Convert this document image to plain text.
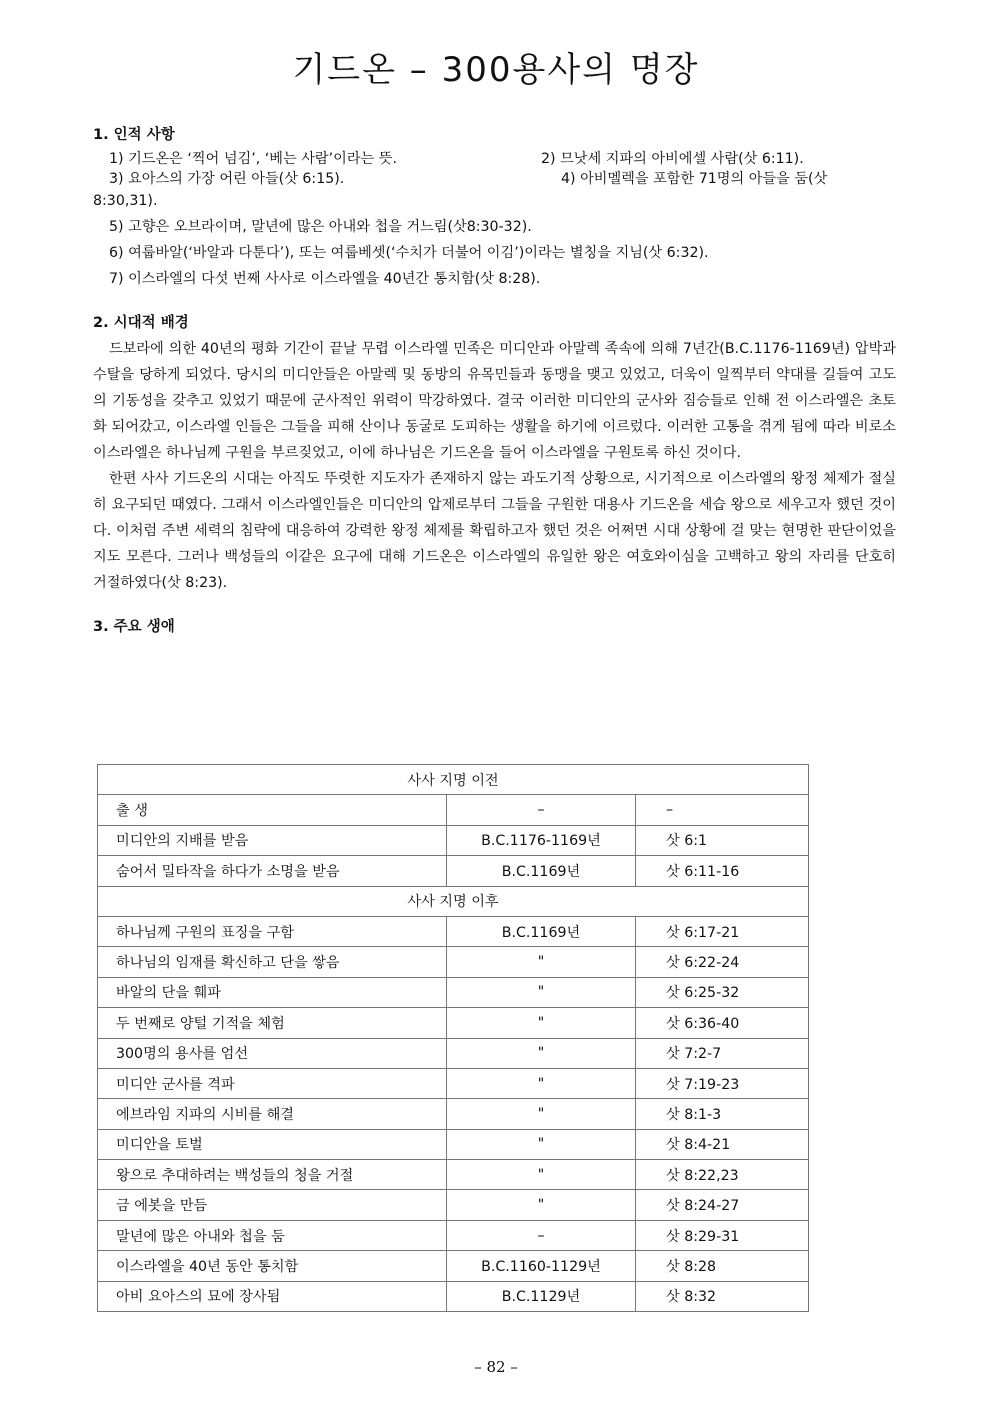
기드온 – 300용사의 명장

1. 인적 사항

1) 기드온은 ‘찍어 넘김’, ‘베는 사람’이라는 뜻.	2) 므낫세 지파의 아비에셀 사람(삿 6:11).
3) 요아스의 가장 어린 아들(삿 6:15).	4) 아비멜렉을 포함한 71명의 아들을 둠(삿

8:30,31).

5) 고향은 오브라이며, 말년에 많은 아내와 첩을 거느림(삿8:30-32).

6) 여룹바알(‘바알과 다툰다’), 또는 여룹베셋(‘수치가 더불어 이김’)이라는 별칭을 지님(삿 6:32).

7) 이스라엘의 다섯 번째 사사로 이스라엘을 40년간 통치함(삿 8:28).

2. 시대적 배경

드보라에 의한 40년의 평화 기간이 끝날 무렵 이스라엘 민족은 미디안과 아말렉 족속에 의해 7년간(B.C.1176-1169년) 압박과 수탈을 당하게 되었다. 당시의 미디안들은 아말렉 및 동방의 유목민들과 동맹을 맺고 있었고, 더욱이 일찍부터 약대를 길들여 고도의 기동성을 갖추고 있었기 때문에 군사적인 위력이 막강하였다. 결국 이러한 미디안의 군사와 짐승들로 인해 전 이스라엘은 초토화 되어갔고, 이스라엘 인들은 그들을 피해 산이나 동굴로 도피하는 생활을 하기에 이르렀다. 이러한 고통을 겪게 됨에 따라 비로소 이스라엘은 하나님께 구원을 부르짖었고, 이에 하나님은 기드온을 들어 이스라엘을 구원토록 하신 것이다.

한편 사사 기드온의 시대는 아직도 뚜렷한 지도자가 존재하지 않는 과도기적 상황으로, 시기적으로 이스라엘의 왕정 체제가 절실히 요구되던 때였다. 그래서 이스라엘인들은 미디안의 압제로부터 그들을 구원한 대용사 기드온을 세습 왕으로 세우고자 했던 것이다. 이처럼 주변 세력의 침략에 대응하여 강력한 왕정 체제를 확립하고자 했던 것은 어쩌면 시대 상황에 걸 맞는 현명한 판단이었을 지도 모른다. 그러나 백성들의 이같은 요구에 대해 기드온은 이스라엘의 유일한 왕은 여호와이심을 고백하고 왕의 자리를 단호히 거절하였다(삿 8:23).

3. 주요 생애

사사 지명 이전		
출 생	–	–
미디안의 지배를 받음	B.C.1176-1169년	삿 6:1
숨어서 밀타작을 하다가 소명을 받음	B.C.1169년	삿 6:11-16
사사 지명 이후		
하나님께 구원의 표징을 구함	B.C.1169년	삿 6:17-21
하나님의 임재를 확신하고 단을 쌓음	"	삿 6:22-24
바알의 단을 훼파	"	삿 6:25-32
두 번째로 양털 기적을 체험	"	삿 6:36-40
300명의 용사를 엄선	"	삿 7:2-7
미디안 군사를 격파	"	삿 7:19-23
에브라임 지파의 시비를 해결	"	삿 8:1-3
미디안을 토벌	"	삿 8:4-21
왕으로 추대하려는 백성들의 청을 거절	"	삿 8:22,23
금 에봇을 만듬	"	삿 8:24-27
말년에 많은 아내와 첩을 둠	–	삿 8:29-31
이스라엘을 40년 동안 통치함	B.C.1160-1129년	삿 8:28
아비 요아스의 묘에 장사됨	B.C.1129년	삿 8:32
– 82 –
